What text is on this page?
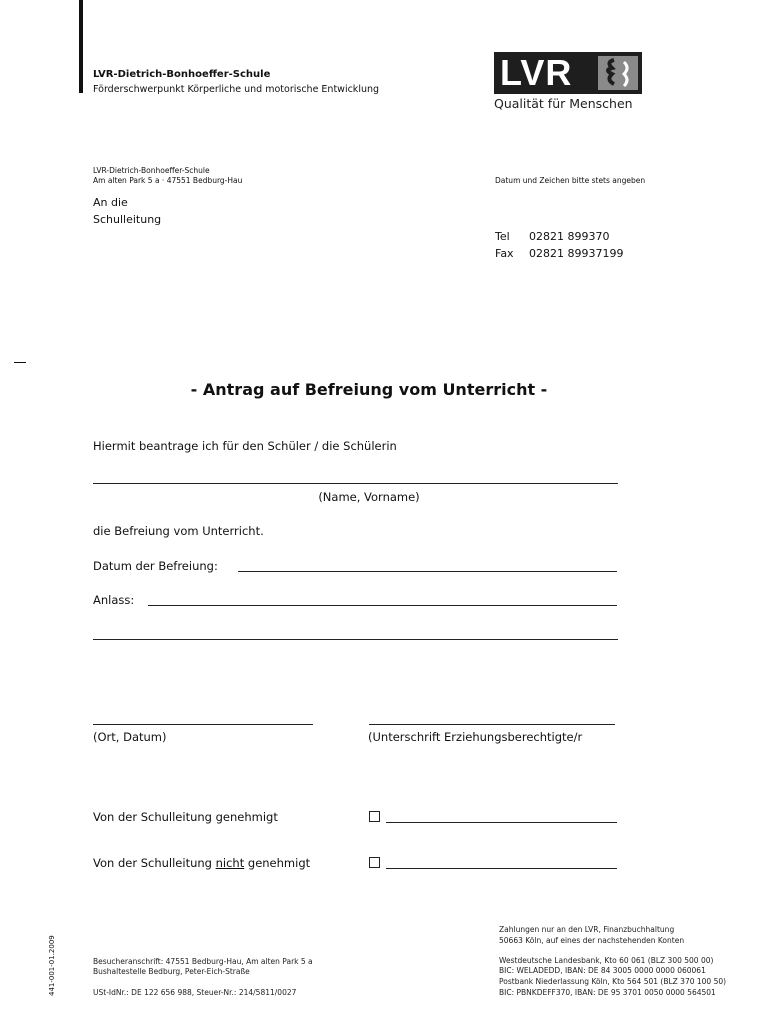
LVR-Dietrich-Bonhoeffer-Schule
Förderschwerpunkt Körperliche und motorische Entwicklung	LVR
Qualität für Menschen
LVR-Dietrich-Bonhoeffer-Schule
Am alten Park 5 a · 47551 Bedburg-Hau	Datum und Zeichen bitte stets angeben
An die
Schulleitung
Tel 02821 899370
Fax 02821 89937199
- Antrag auf Befreiung vom Unterricht -
Hiermit beantrage ich für den Schüler / die Schülerin
(Name, Vorname)
die Befreiung vom Unterricht.
Datum der Befreiung:
Anlass:
(Ort, Datum)	(Unterschrift Erziehungsberechtigte/r
Von der Schulleitung genehmigt
Von der Schulleitung nicht genehmigt
441-001-01.2009	Besucheranschrift: 47551 Bedburg-Hau, Am alten Park 5 a
Bushaltestelle Bedburg, Peter-Eich-Straße
USt-IdNr.: DE 122 656 988, Steuer-Nr.: 214/5811/0027
Zahlungen nur an den LVR, Finanzbuchhaltung
50663 Köln, auf eines der nachstehenden Konten
Westdeutsche Landesbank, Kto 60 061 (BLZ 300 500 00)
BIC: WELADEDD, IBAN: DE 84 3005 0000 0000 060061
Postbank Niederlassung Köln, Kto 564 501 (BLZ 370 100 50)
BIC: PBNKDEFF370, IBAN: DE 95 3701 0050 0000 564501
